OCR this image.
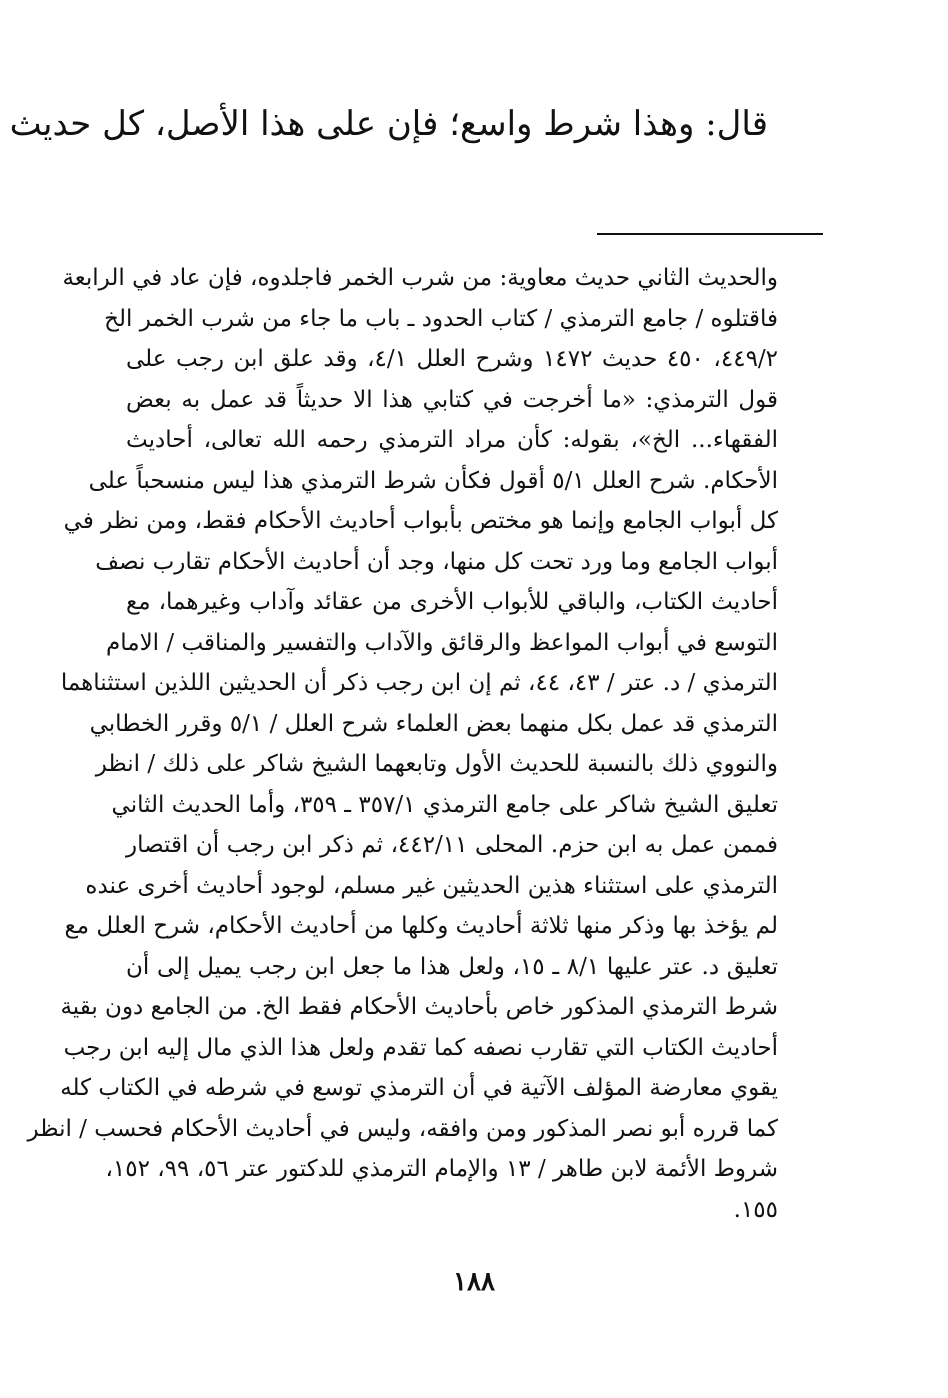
قال: وهذا شرط واسع؛ فإن على هذا الأصل، كل حديث
والحديث الثاني حديث معاوية: من شرب الخمر فاجلدوه، فإن عاد في الرابعة
فاقتلوه / جامع الترمذي / كتاب الحدود ـ باب ما جاء من شرب الخمر الخ
٤٤٩/٢، ٤٥٠ حديث ١٤٧٢ وشرح العلل ٤/١، وقد علق ابن رجب على
قول الترمذي: «ما أخرجت في كتابي هذا الا حديثاً قد عمل به بعض
الفقهاء... الخ»، بقوله: كأن مراد الترمذي رحمه الله تعالى، أحاديث
الأحكام. شرح العلل ٥/١ أقول فكأن شرط الترمذي هذا ليس منسحباً على
كل أبواب الجامع وإنما هو مختص بأبواب أحاديث الأحكام فقط، ومن نظر في
أبواب الجامع وما ورد تحت كل منها، وجد أن أحاديث الأحكام تقارب نصف
أحاديث الكتاب، والباقي للأبواب الأخرى من عقائد وآداب وغيرهما، مع
التوسع في أبواب المواعظ والرقائق والآداب والتفسير والمناقب / الامام
الترمذي / د. عتر / ٤٣، ٤٤، ثم إن ابن رجب ذكر أن الحديثين اللذين استثناهما
الترمذي قد عمل بكل منهما بعض العلماء شرح العلل / ٥/١ وقرر الخطابي
والنووي ذلك بالنسبة للحديث الأول وتابعهما الشيخ شاكر على ذلك / انظر
تعليق الشيخ شاكر على جامع الترمذي ٣٥٧/١ ـ ٣٥٩، وأما الحديث الثاني
فممن عمل به ابن حزم. المحلى ٤٤٢/١١، ثم ذكر ابن رجب أن اقتصار
الترمذي على استثناء هذين الحديثين غير مسلم، لوجود أحاديث أخرى عنده
لم يؤخذ بها وذكر منها ثلاثة أحاديث وكلها من أحاديث الأحكام، شرح العلل مع
تعليق د. عتر عليها ٨/١ ـ ١٥، ولعل هذا ما جعل ابن رجب يميل إلى أن
شرط الترمذي المذكور خاص بأحاديث الأحكام فقط الخ. من الجامع دون بقية
أحاديث الكتاب التي تقارب نصفه كما تقدم ولعل هذا الذي مال إليه ابن رجب
يقوي معارضة المؤلف الآتية في أن الترمذي توسع في شرطه في الكتاب كله
كما قرره أبو نصر المذكور ومن وافقه، وليس في أحاديث الأحكام فحسب / انظر
شروط الأئمة لابن طاهر / ١٣ والإمام الترمذي للدكتور عتر ٥٦، ٩٩، ١٥٢،
١٥٥.
١٨٨
